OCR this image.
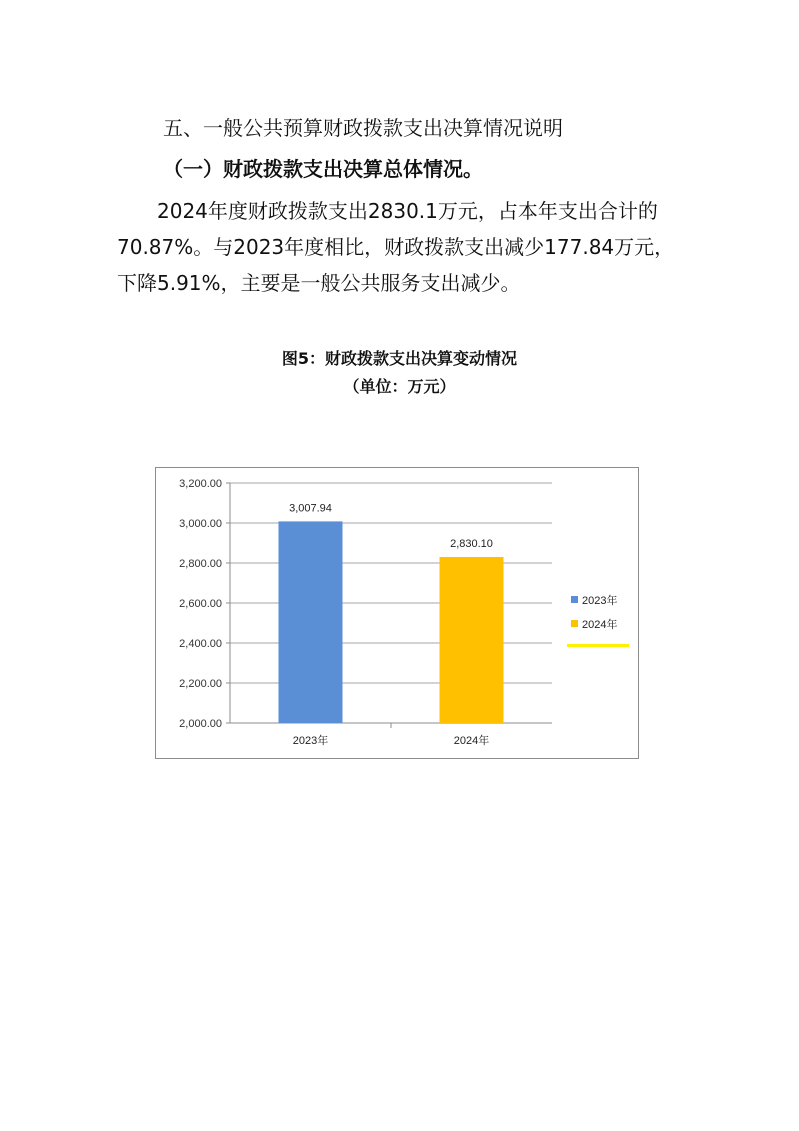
五、一般公共预算财政拨款支出决算情况说明
（一）财政拨款支出决算总体情况。

2024年度财政拨款支出2830.1万元，占本年支出合计的70.87%。与2023年度相比，财政拨款支出减少177.84万元，下降5.91%，主要是一般公共服务支出减少。

图5：财政拨款支出决算变动情况
（单位：万元）
2,000.00
2,200.00
2,400.00
2,600.00
2,800.00
3,000.00
3,200.00
3,007.94
2,830.10
2023年	2024年
2023年
2024年
